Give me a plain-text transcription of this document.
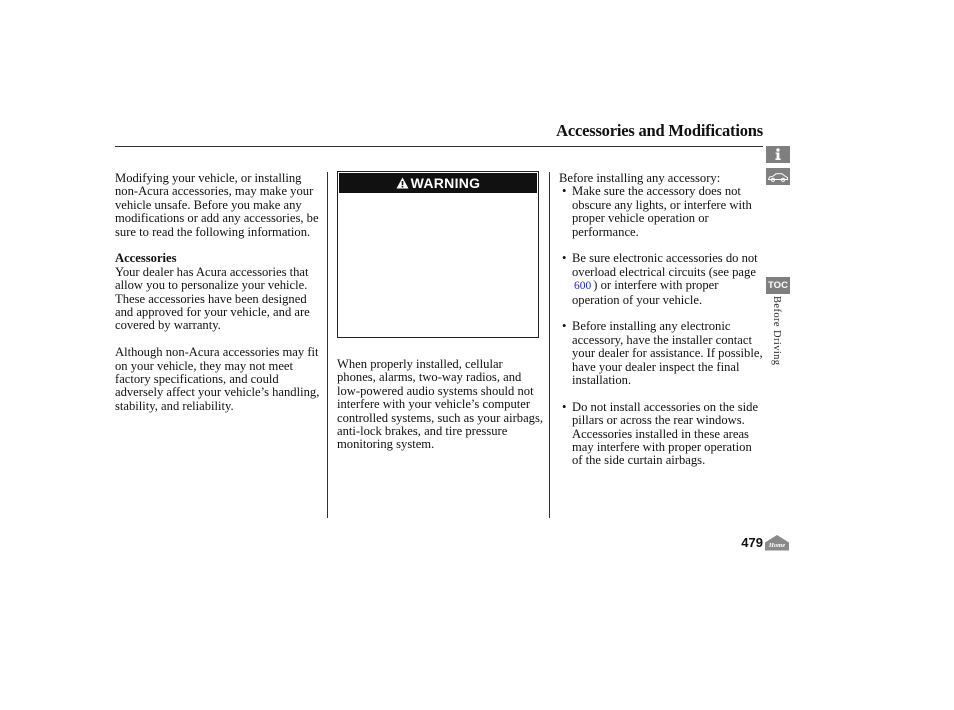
Accessories and Modifications

Modifying your vehicle, or installing non-Acura accessories, may make your vehicle unsafe. Before you make any modifications or add any accessories, be sure to read the following information.

Accessories

Your dealer has Acura accessories that allow you to personalize your vehicle. These accessories have been designed and approved for your vehicle, and are covered by warranty.

Although non-Acura accessories may fit on your vehicle, they may not meet factory specifications, and could adversely affect your vehicle’s handling, stability, and reliability.

WARNING

When properly installed, cellular phones, alarms, two-way radios, and low-powered audio systems should not interfere with your vehicle’s computer controlled systems, such as your airbags, anti-lock brakes, and tire pressure monitoring system.

Before installing any accessory:

• Make sure the accessory does not obscure any lights, or interfere with proper vehicle operation or performance.
• Be sure electronic accessories do not overload electrical circuits (see page 600 ) or interfere with proper operation of your vehicle.
• Before installing any electronic accessory, have the installer contact your dealer for assistance. If possible, have your dealer inspect the final installation.
• Do not install accessories on the side pillars or across the rear windows. Accessories installed in these areas may interfere with proper operation of the side curtain airbags.
TOC
Before Driving
479 Home
